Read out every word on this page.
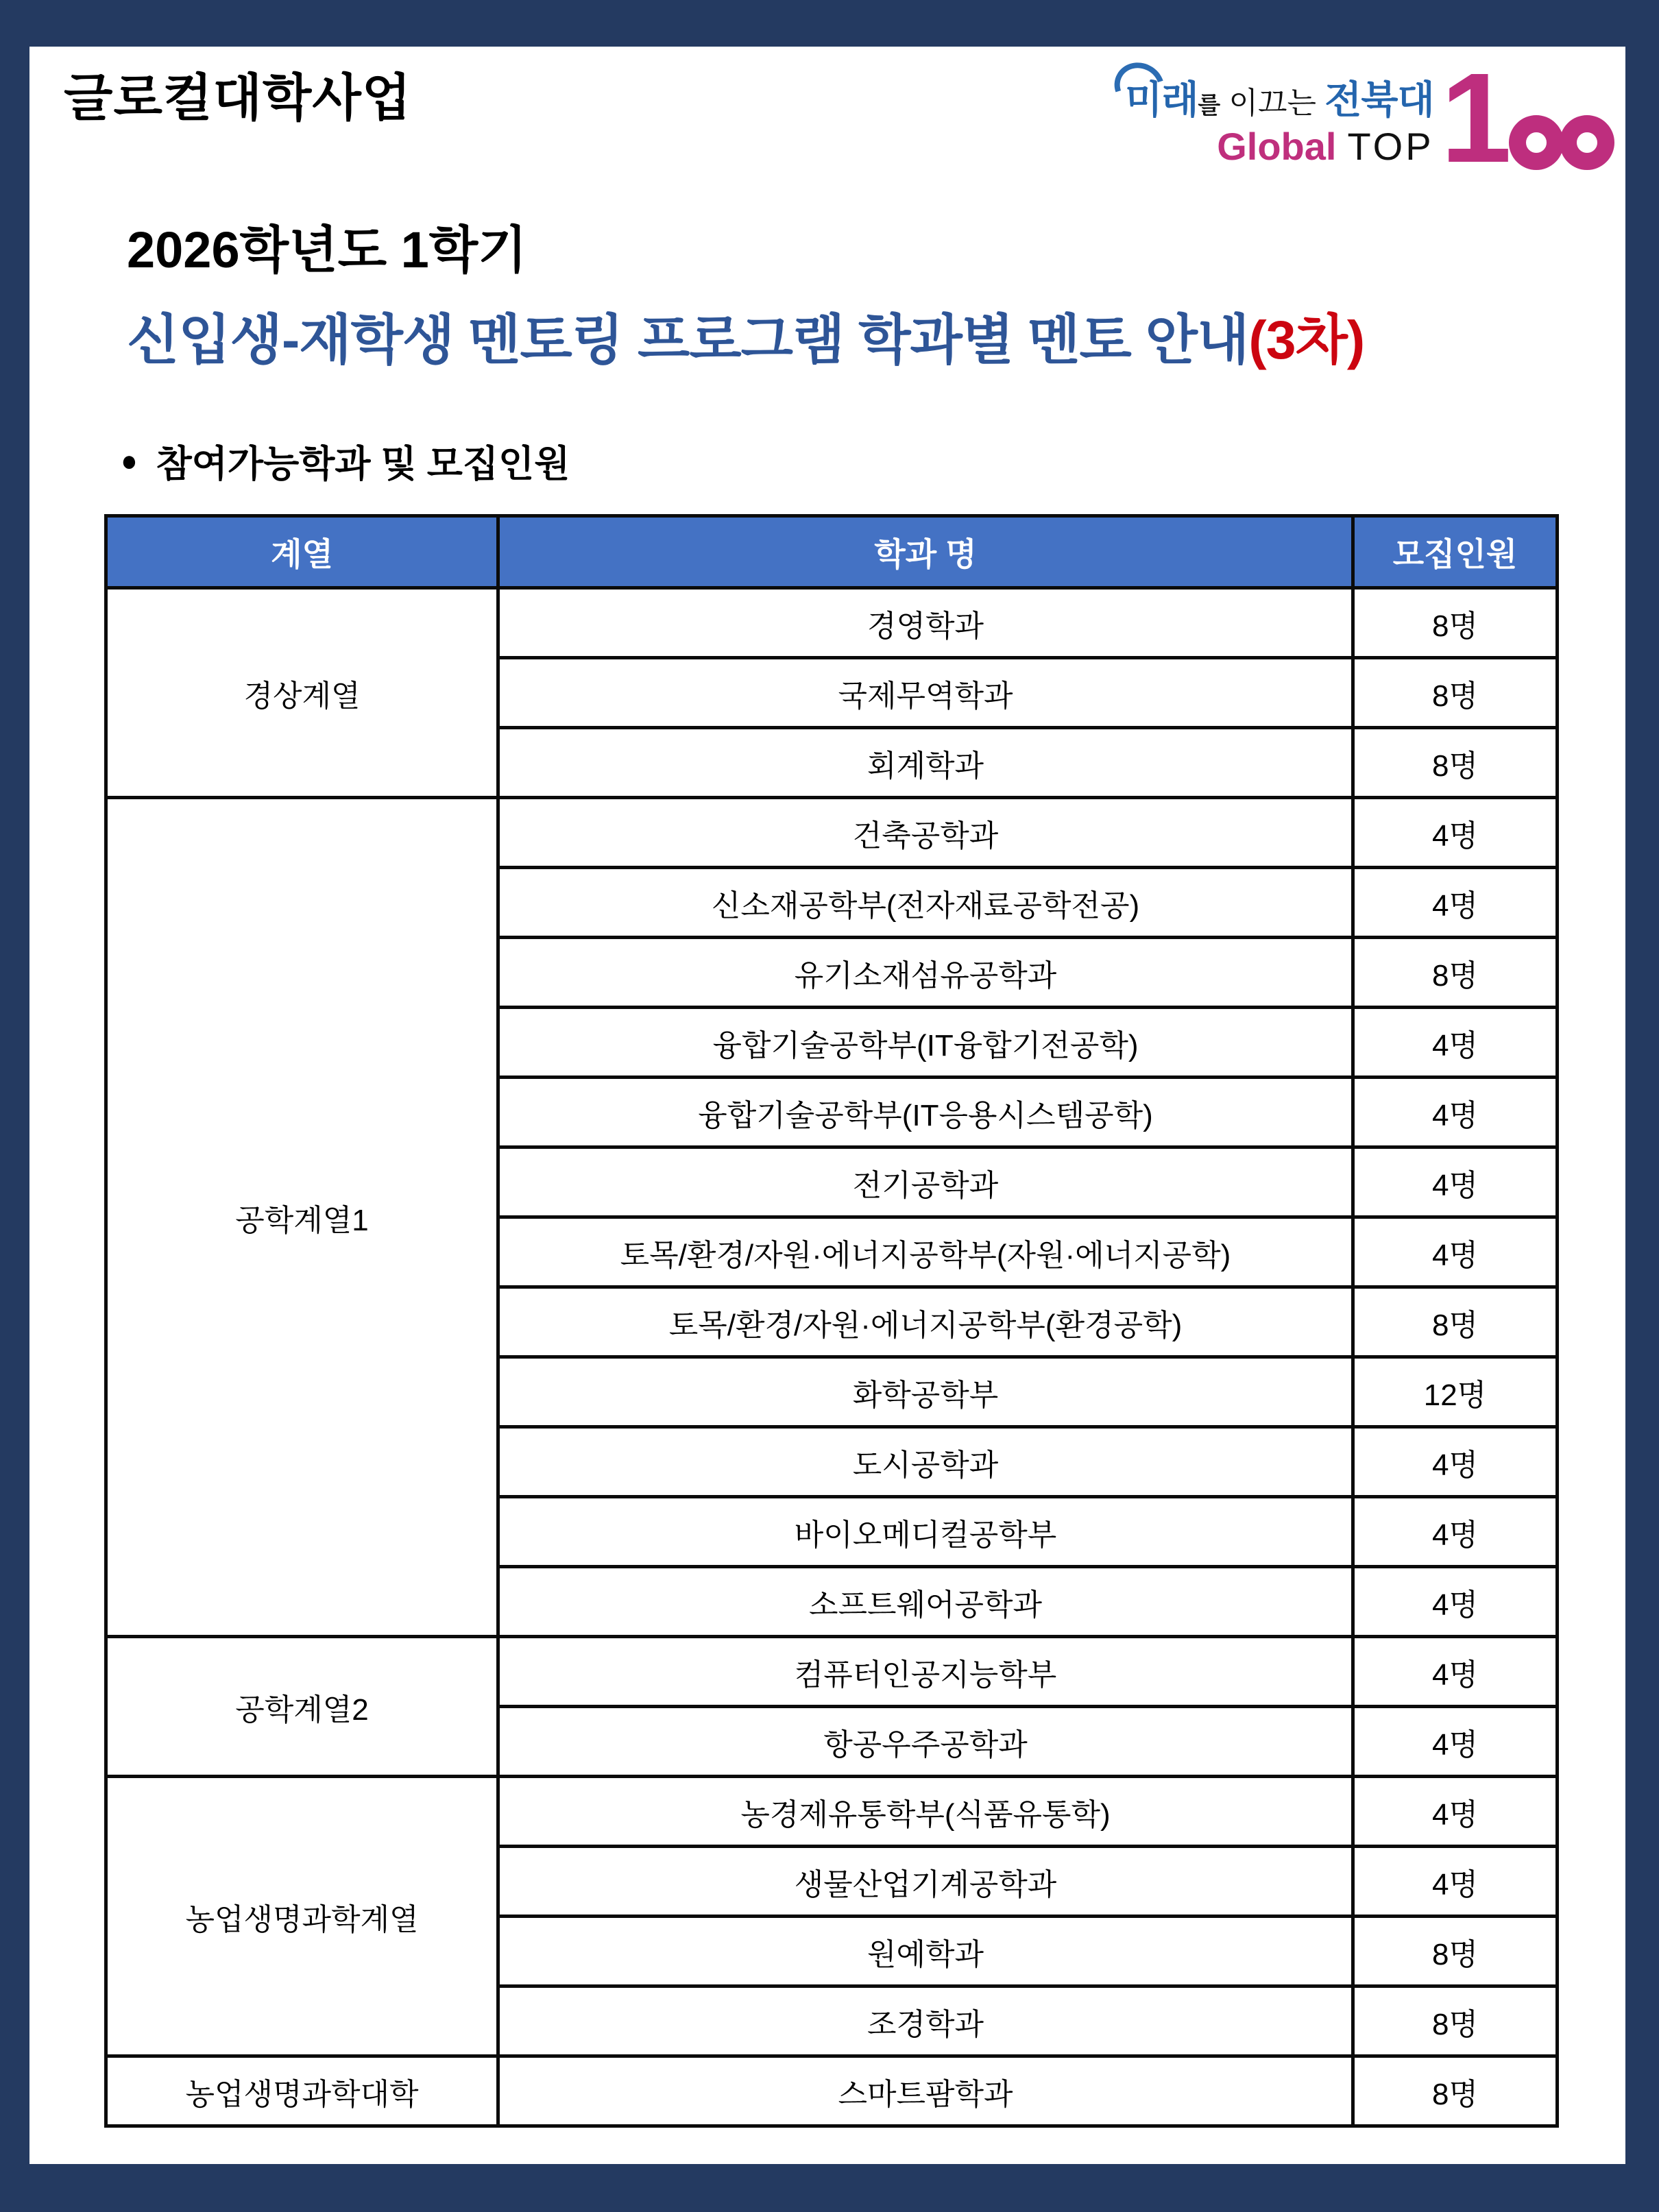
글로컬대학사업	미래를 이끄는 전북대
Global TOP 1
2026학년도 1학기
신입생-재학생 멘토링 프로그램 학과별 멘토 안내(3차)
● 참여가능학과 및 모집인원
계열	학과 명	모집인원
경상계열	경영학과	8명
	국제무역학과	8명
	회계학과	8명
공학계열1	건축공학과	4명
	신소재공학부(전자재료공학전공)	4명
	유기소재섬유공학과	8명
	융합기술공학부(IT융합기전공학)	4명
	융합기술공학부(IT응용시스템공학)	4명
	전기공학과	4명
	토목/환경/자원·에너지공학부(자원·에너지공학)	4명
	토목/환경/자원·에너지공학부(환경공학)	8명
	화학공학부	12명
	도시공학과	4명
	바이오메디컬공학부	4명
	소프트웨어공학과	4명
공학계열2	컴퓨터인공지능학부	4명
	항공우주공학과	4명
농업생명과학계열	농경제유통학부(식품유통학)	4명
	생물산업기계공학과	4명
	원예학과	8명
	조경학과	8명
농업생명과학대학	스마트팜학과	8명
